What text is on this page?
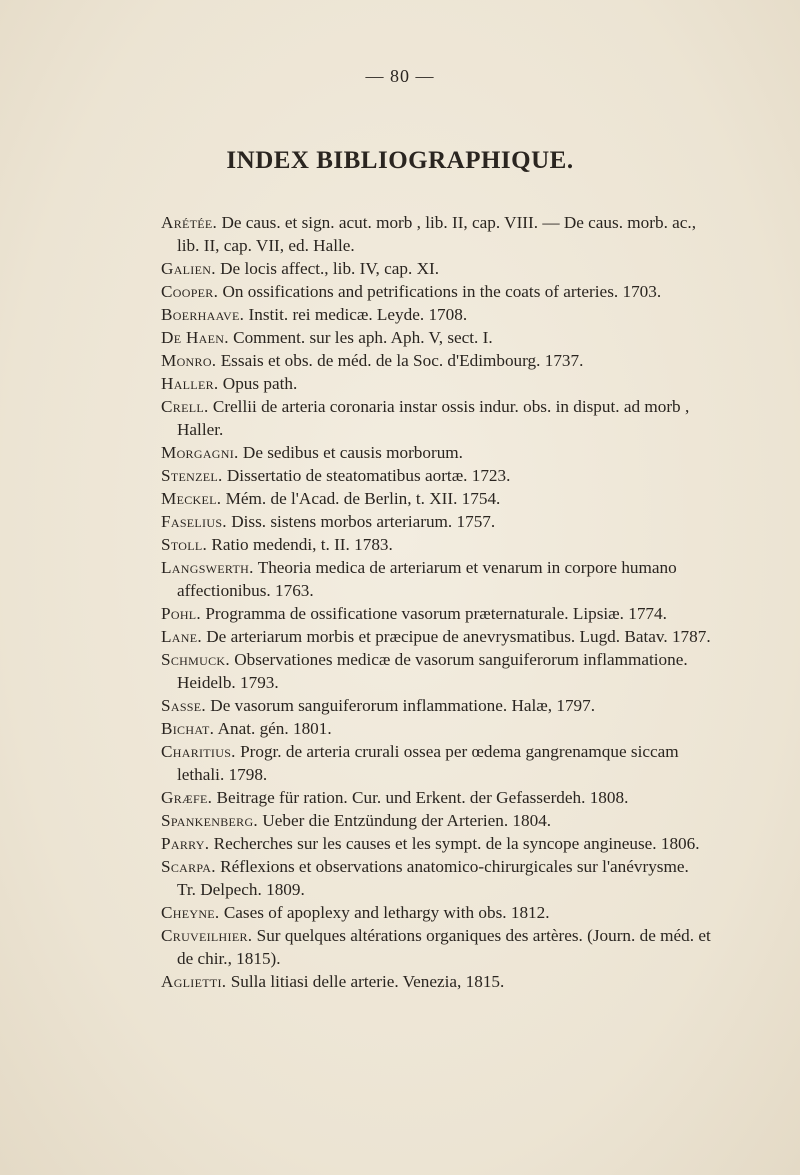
— 80 —
INDEX BIBLIOGRAPHIQUE.

Arétée. De caus. et sign. acut. morb , lib. II, cap. VIII. — De caus. morb. ac., lib. II, cap. VII, ed. Halle.

Galien. De locis affect., lib. IV, cap. XI.

Cooper. On ossifications and petrifications in the coats of arteries. 1703.

Boerhaave. Instit. rei medicæ. Leyde. 1708.

De Haen. Comment. sur les aph. Aph. V, sect. I.

Monro. Essais et obs. de méd. de la Soc. d'Edimbourg. 1737.

Haller. Opus path.

Crell. Crellii de arteria coronaria instar ossis indur. obs. in disput. ad morb , Haller.

Morgagni. De sedibus et causis morborum.

Stenzel. Dissertatio de steatomatibus aortæ. 1723.

Meckel. Mém. de l'Acad. de Berlin, t. XII. 1754.

Faselius. Diss. sistens morbos arteriarum. 1757.

Stoll. Ratio medendi, t. II. 1783.

Langswerth. Theoria medica de arteriarum et venarum in corpore humano affectionibus. 1763.

Pohl. Programma de ossificatione vasorum præternaturale. Lipsiæ. 1774.

Lane. De arteriarum morbis et præcipue de anevrysmatibus. Lugd. Batav. 1787.

Schmuck. Observationes medicæ de vasorum sanguiferorum inflammatione. Heidelb. 1793.

Sasse. De vasorum sanguiferorum inflammatione. Halæ, 1797.

Bichat. Anat. gén. 1801.

Charitius. Progr. de arteria crurali ossea per œdema gangrenamque siccam lethali. 1798.

Græfe. Beitrage für ration. Cur. und Erkent. der Gefasserdeh. 1808.

Spankenberg. Ueber die Entzündung der Arterien. 1804.

Parry. Recherches sur les causes et les sympt. de la syncope angineuse. 1806.

Scarpa. Réflexions et observations anatomico-chirurgicales sur l'anévrysme. Tr. Delpech. 1809.

Cheyne. Cases of apoplexy and lethargy with obs. 1812.

Cruveilhier. Sur quelques altérations organiques des artères. (Journ. de méd. et de chir., 1815).

Aglietti. Sulla litiasi delle arterie. Venezia, 1815.
